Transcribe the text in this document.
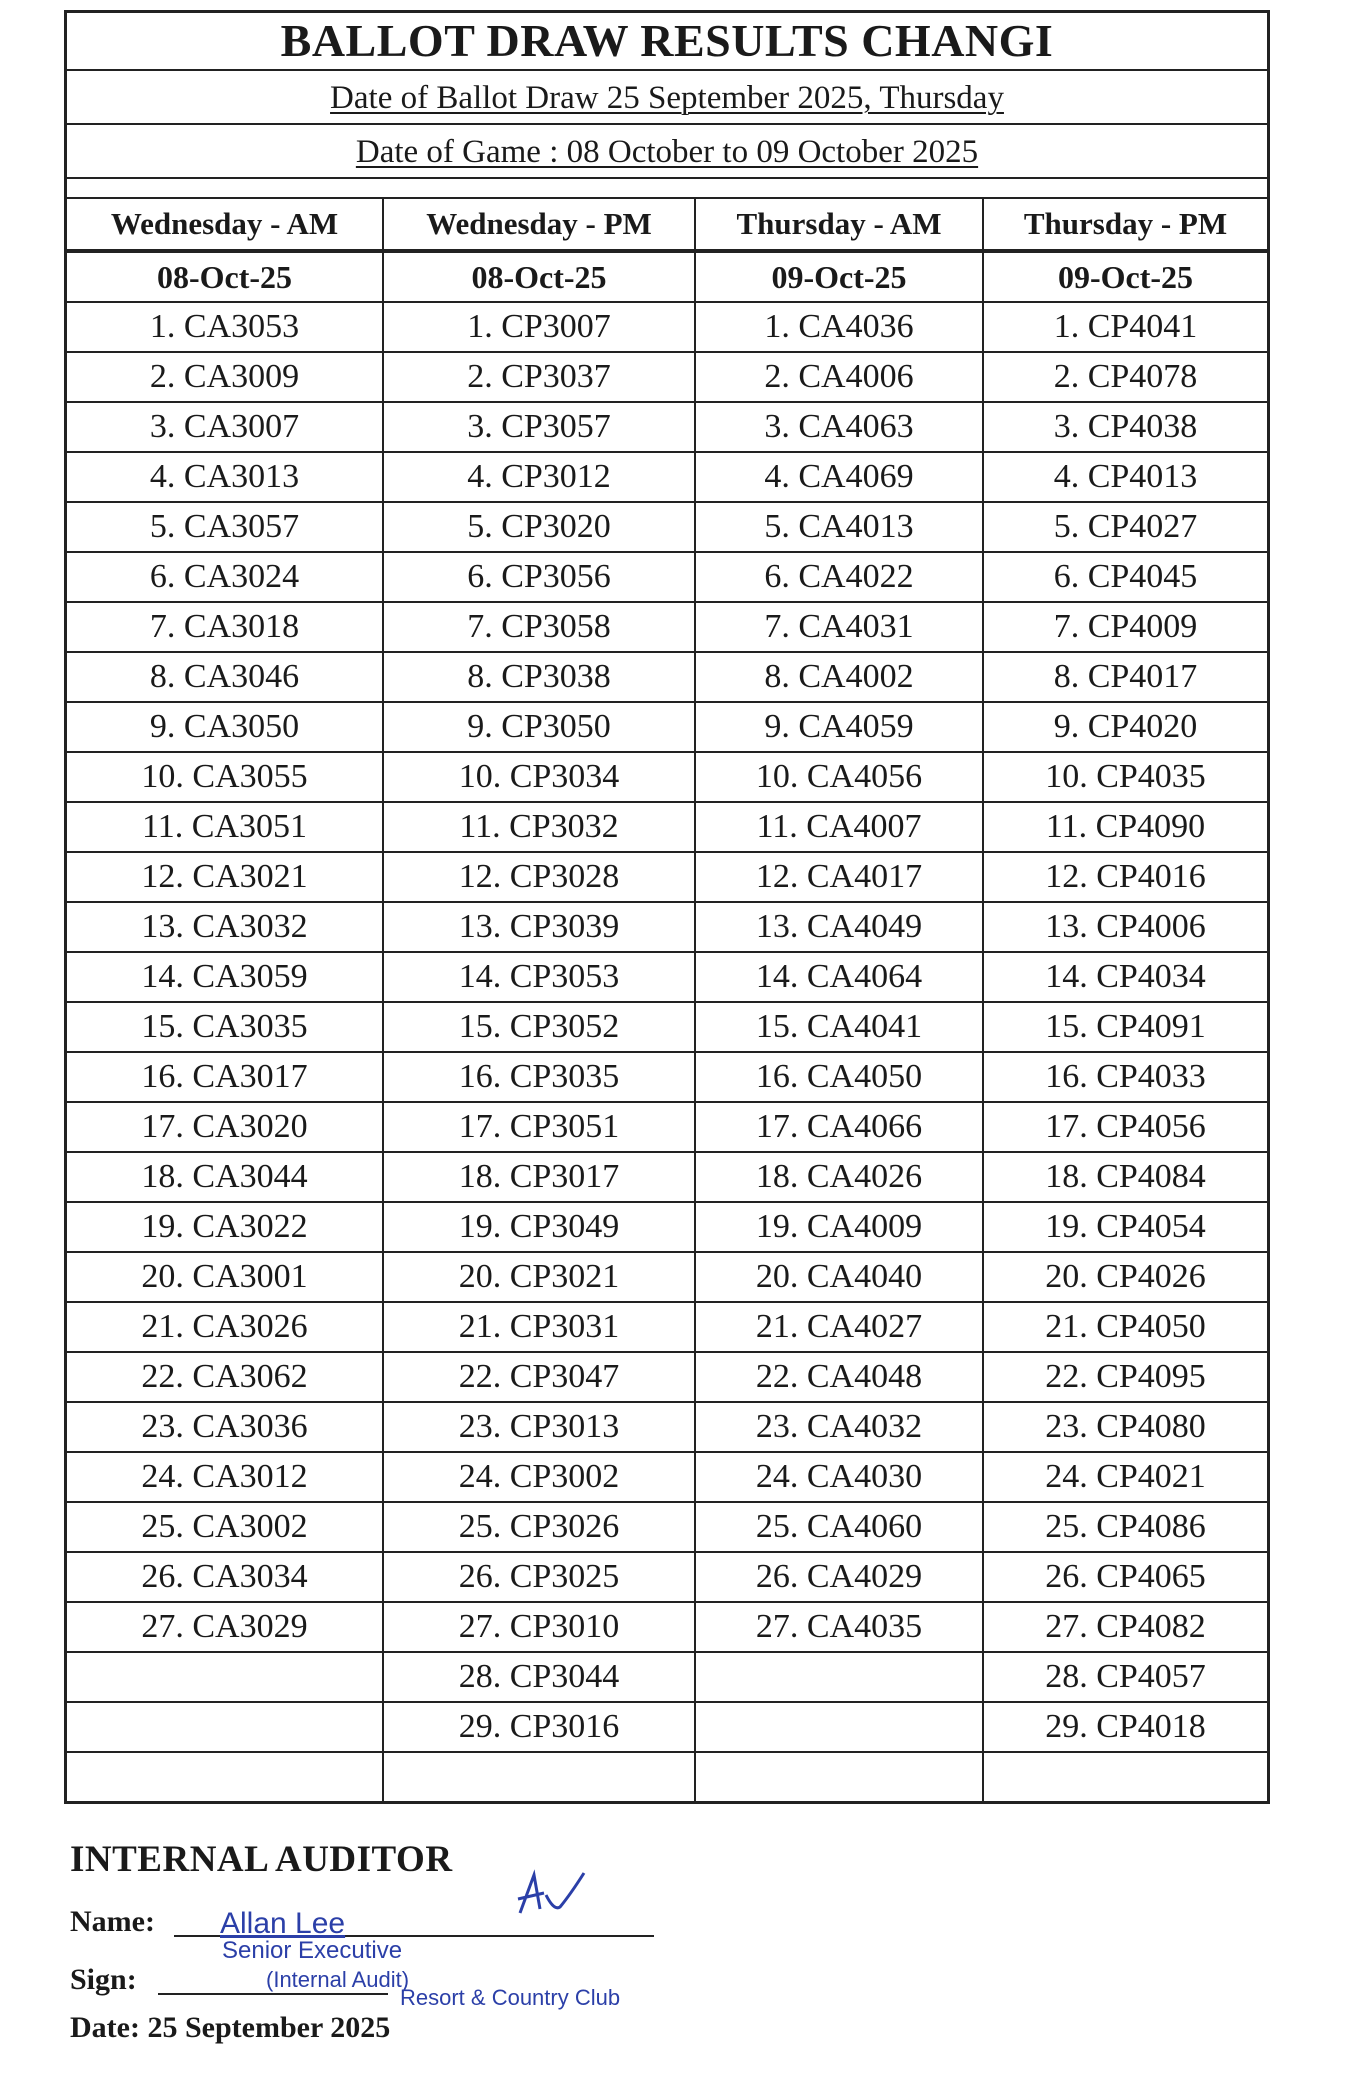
BALLOT DRAW RESULTS CHANGI
Date of Ballot Draw 25 September 2025, Thursday
Date of Game : 08 October to 09 October 2025
Wednesday - AM	Wednesday - PM	Thursday - AM	Thursday - PM
08-Oct-25	08-Oct-25	09-Oct-25	09-Oct-25
1. CA3053	1. CP3007	1. CA4036	1. CP4041
2. CA3009	2. CP3037	2. CA4006	2. CP4078
3. CA3007	3. CP3057	3. CA4063	3. CP4038
4. CA3013	4. CP3012	4. CA4069	4. CP4013
5. CA3057	5. CP3020	5. CA4013	5. CP4027
6. CA3024	6. CP3056	6. CA4022	6. CP4045
7. CA3018	7. CP3058	7. CA4031	7. CP4009
8. CA3046	8. CP3038	8. CA4002	8. CP4017
9. CA3050	9. CP3050	9. CA4059	9. CP4020
10. CA3055	10. CP3034	10. CA4056	10. CP4035
11. CA3051	11. CP3032	11. CA4007	11. CP4090
12. CA3021	12. CP3028	12. CA4017	12. CP4016
13. CA3032	13. CP3039	13. CA4049	13. CP4006
14. CA3059	14. CP3053	14. CA4064	14. CP4034
15. CA3035	15. CP3052	15. CA4041	15. CP4091
16. CA3017	16. CP3035	16. CA4050	16. CP4033
17. CA3020	17. CP3051	17. CA4066	17. CP4056
18. CA3044	18. CP3017	18. CA4026	18. CP4084
19. CA3022	19. CP3049	19. CA4009	19. CP4054
20. CA3001	20. CP3021	20. CA4040	20. CP4026
21. CA3026	21. CP3031	21. CA4027	21. CP4050
22. CA3062	22. CP3047	22. CA4048	22. CP4095
23. CA3036	23. CP3013	23. CA4032	23. CP4080
24. CA3012	24. CP3002	24. CA4030	24. CP4021
25. CA3002	25. CP3026	25. CA4060	25. CP4086
26. CA3034	26. CP3025	26. CA4029	26. CP4065
27. CA3029	27. CP3010	27. CA4035	27. CP4082
	28. CP3044		28. CP4057
	29. CP3016		29. CP4018

INTERNAL AUDITOR
Name: Allan Lee
Sign:
Senior Executive
(Internal Audit)
Resort & Country Club
Date: 25 September 2025
